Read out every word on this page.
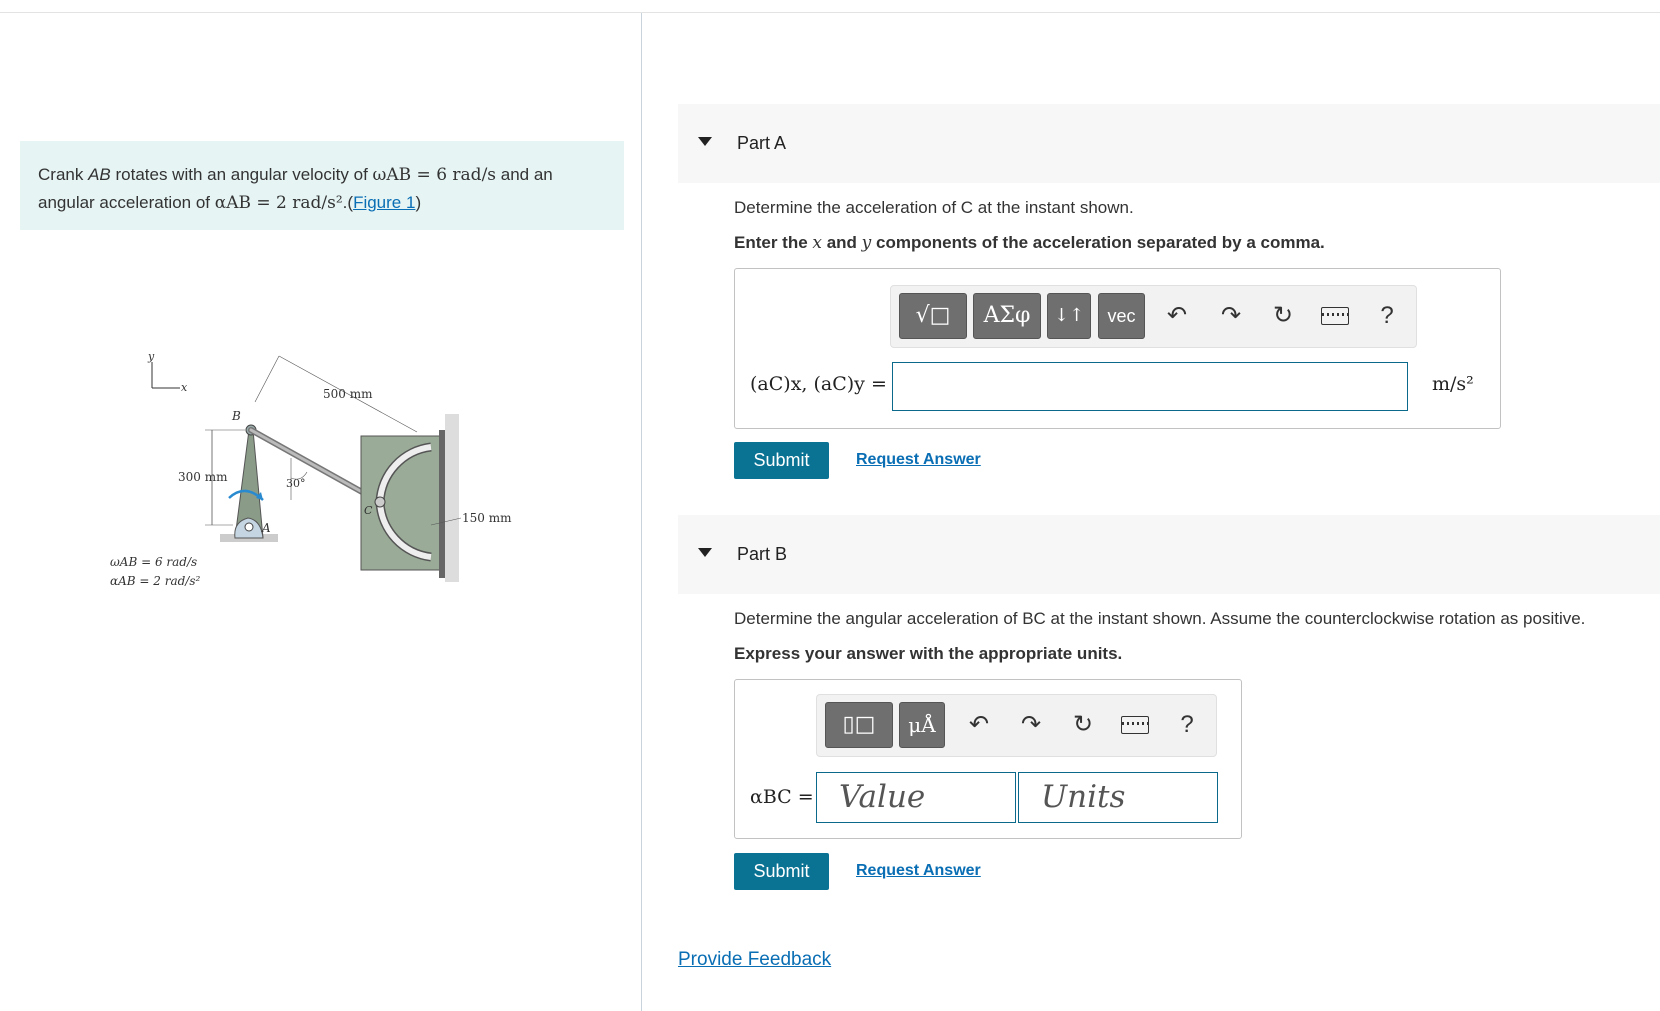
Crank AB rotates with an angular velocity of ωAB = 6 rad/s and an
angular acceleration of αAB = 2 rad/s².(Figure 1)
y
x
A
B
300 mm	30°
500 mm
C
150 mm
ωAB = 6 rad/s
αAB = 2 rad/s²
Part A
Determine the acceleration of C at the instant shown.
Enter the x and y components of the acceleration separated by a comma.
√□	ΑΣφ	↓↑	vec	↶ ↷ ↻	?
(aC)x, (aC)y =	m/s²
Submit	Request Answer
Part B
Determine the angular acceleration of BC at the instant shown. Assume the counterclockwise rotation as positive.
Express your answer with the appropriate units.
▯□	μÅ	↶ ↷ ↻	?
αBC = Value	Units
Submit	Request Answer
Provide Feedback
